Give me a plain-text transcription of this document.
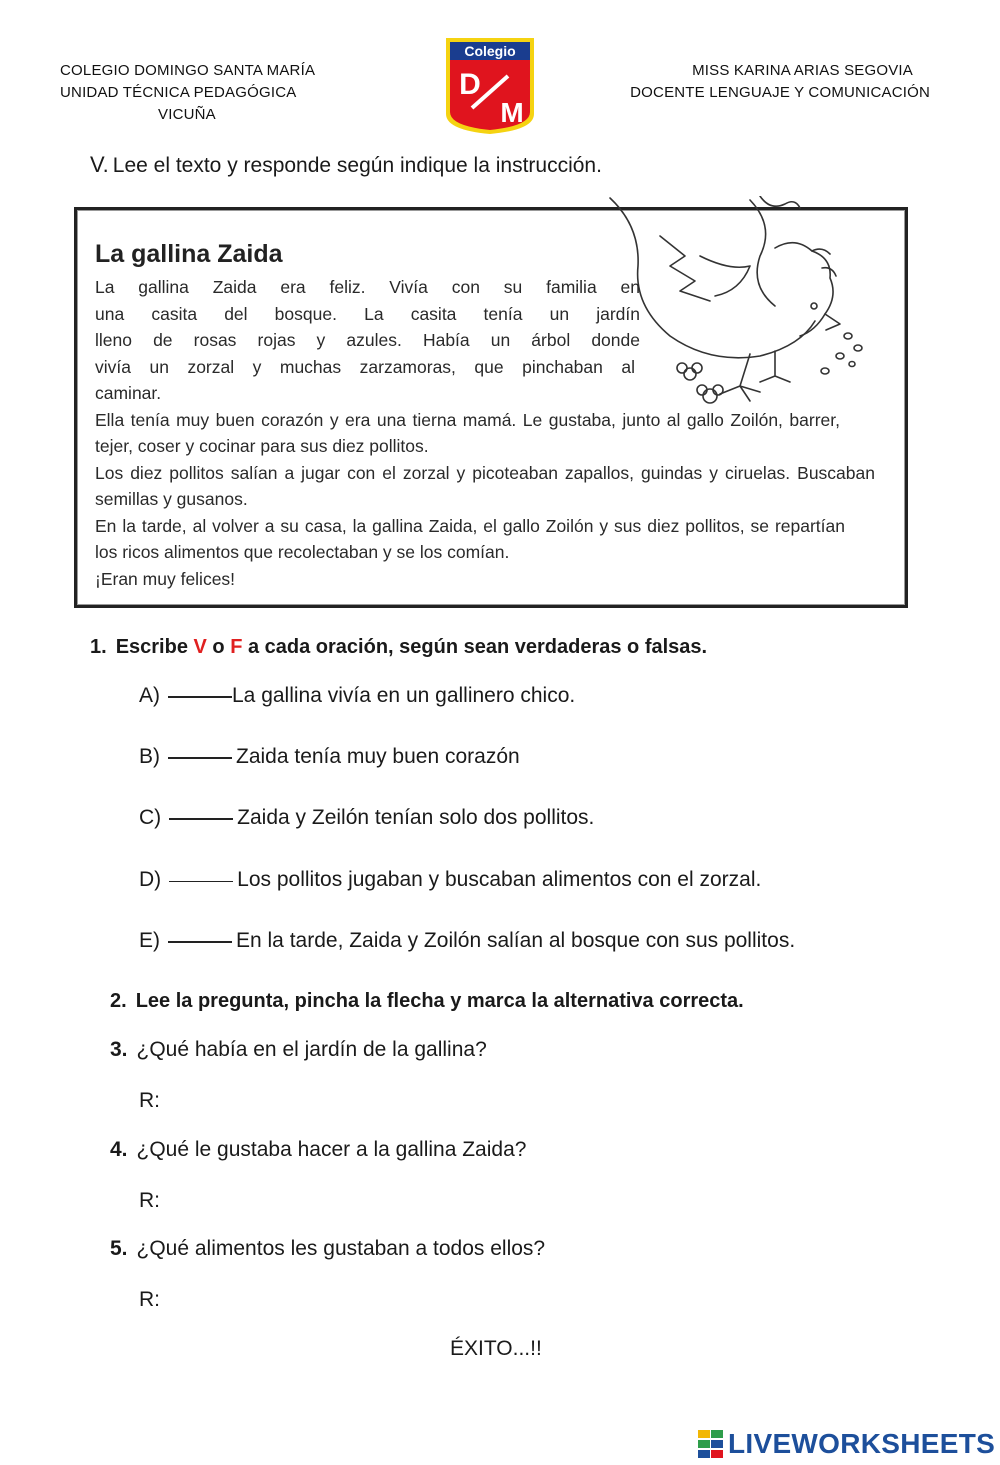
COLEGIO DOMINGO SANTA MARÍA
UNIDAD TÉCNICA PEDAGÓGICA

VICUÑA
Colegio
D
M
MISS KARINA ARIAS SEGOVIA
DOCENTE LENGUAJE Y COMUNICACIÓN
V. Lee el texto y responde según indique la instrucción.
La gallina Zaida

La gallina Zaida era feliz. Vivía con su familia en

una casita del bosque. La casita tenía un jardín

lleno de rosas rojas y azules. Había un árbol donde

vivía un zorzal y muchas zarzamoras, que pinchaban al

caminar.

Ella tenía muy buen corazón y era una tierna mamá. Le gustaba, junto al gallo Zoilón, barrer, tejer, coser y cocinar para sus diez pollitos.

Los diez pollitos salían a jugar con el zorzal y picoteaban zapallos, guindas y ciruelas. Buscaban semillas y gusanos.

En la tarde, al volver a su casa, la gallina Zaida, el gallo Zoilón y sus diez pollitos, se repartían los ricos alimentos que recolectaban y se los comían.

¡Eran muy felices!

1. Escribe V o F a cada oración, según sean verdaderas o falsas.
A)	La gallina vivía en un gallinero chico.
B)	Zaida tenía muy buen corazón
C)	Zaida y Zeilón tenían solo dos pollitos.
D)	Los pollitos jugaban y buscaban alimentos con el zorzal.
E)	En la tarde, Zaida y Zoilón salían al bosque con sus pollitos.
2. Lee la pregunta, pincha la flecha y marca la alternativa correcta.
3. ¿Qué había en el jardín de la gallina?
R:
4. ¿Qué le gustaba hacer a la gallina Zaida?
R:
5. ¿Qué alimentos les gustaban a todos ellos?
R:
ÉXITO...!!
LIVEWORKSHEETS
